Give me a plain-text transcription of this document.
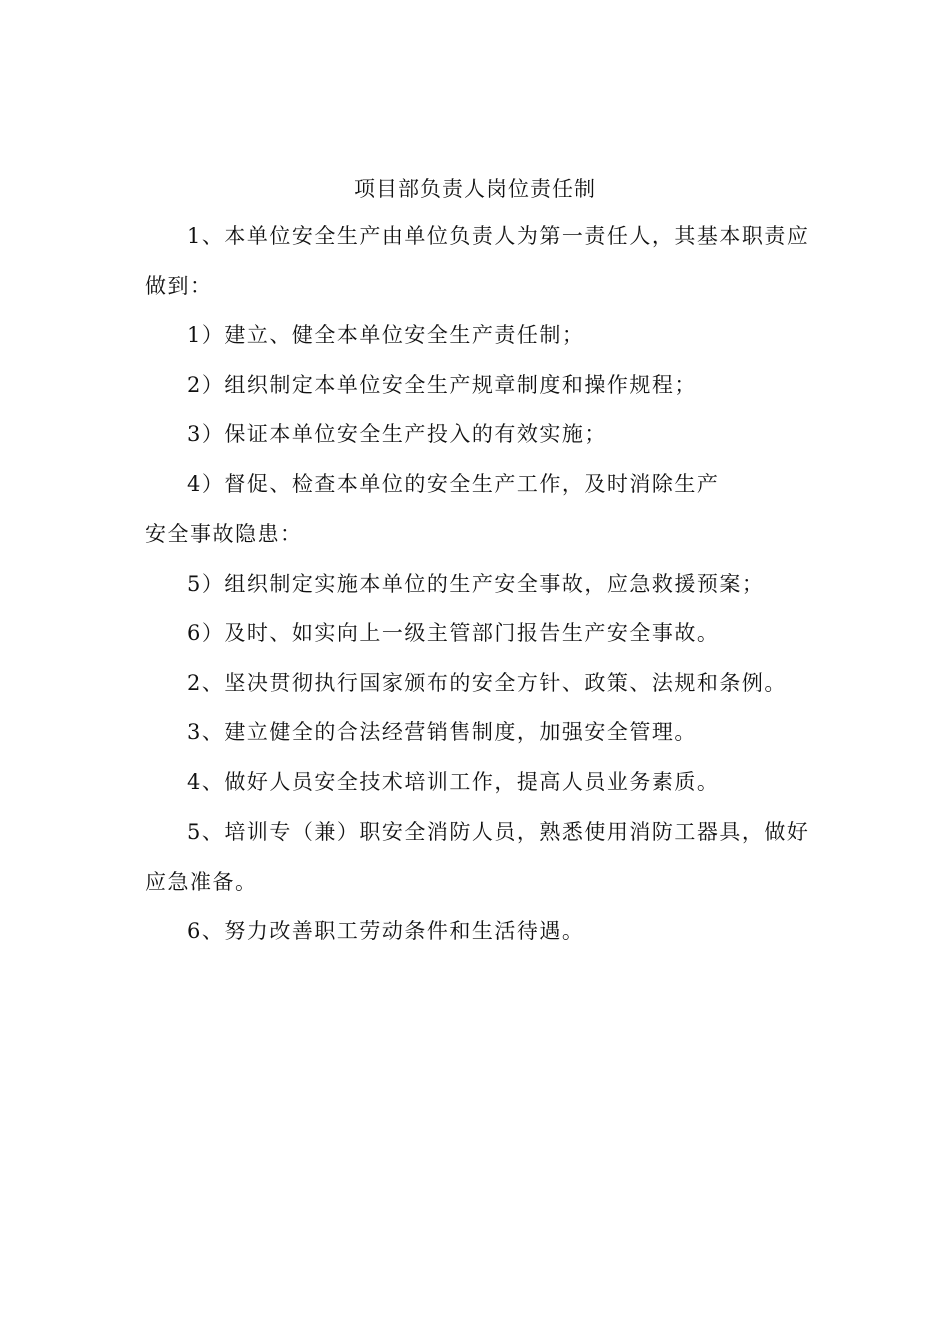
项目部负责人岗位责任制
1、本单位安全生产由单位负责人为第一责任人，其基本职责应
做到：
1）建立、健全本单位安全生产责任制；
2）组织制定本单位安全生产规章制度和操作规程；
3）保证本单位安全生产投入的有效实施；
4）督促、检查本单位的安全生产工作，及时消除生产
安全事故隐患：
5）组织制定实施本单位的生产安全事故，应急救援预案；
6）及时、如实向上一级主管部门报告生产安全事故。
2、坚决贯彻执行国家颁布的安全方针、政策、法规和条例。
3、建立健全的合法经营销售制度，加强安全管理。
4、做好人员安全技术培训工作，提高人员业务素质。
5、培训专（兼）职安全消防人员，熟悉使用消防工器具，做好
应急准备。
6、努力改善职工劳动条件和生活待遇。
